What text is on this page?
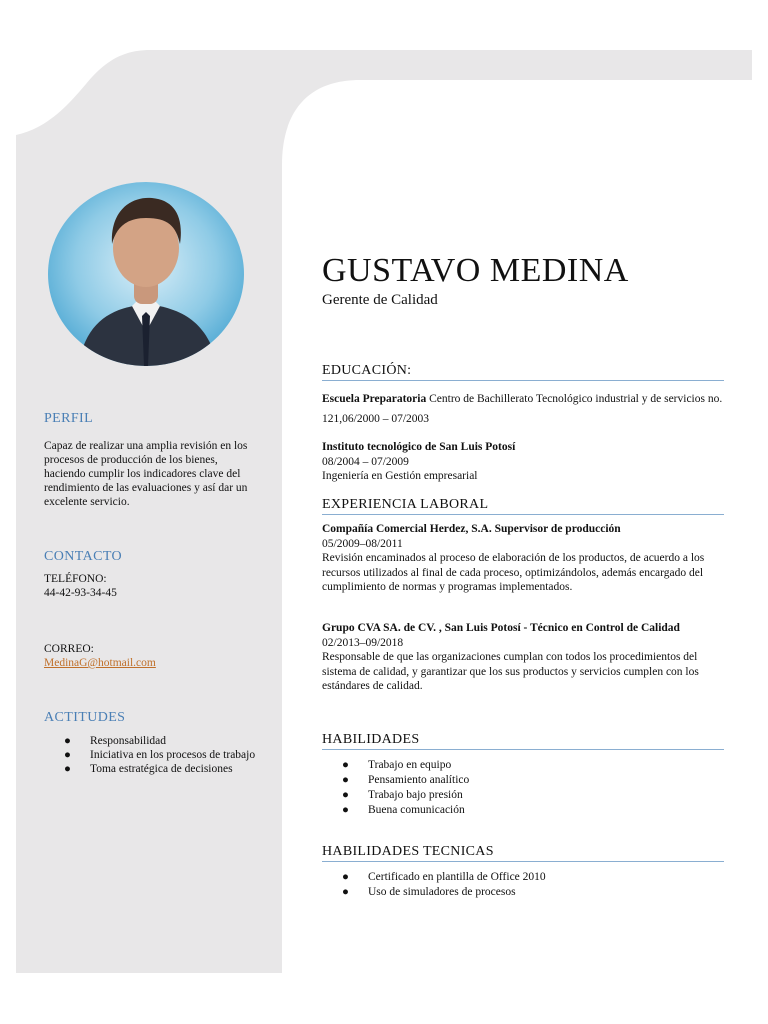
PERFIL
Capaz de realizar una amplia revisión en los procesos de producción de los bienes, haciendo cumplir los indicadores clave del rendimiento de las evaluaciones y así dar un excelente servicio.
CONTACTO
TELÉFONO:
44-42-93-34-45
CORREO:
MedinaG@hotmail.com
ACTITUDES
● Responsabilidad
● Iniciativa en los procesos de trabajo
● Toma estratégica de decisiones
GUSTAVO MEDINA
Gerente de Calidad
EDUCACIÓN:
Escuela Preparatoria Centro de Bachillerato Tecnológico industrial y de servicios no. 121,06/2000 – 07/2003
Instituto tecnológico de San Luis Potosí
08/2004 – 07/2009
Ingeniería en Gestión empresarial
EXPERIENCIA LABORAL
Compañía Comercial Herdez, S.A. Supervisor de producción
05/2009–08/2011
Revisión encaminados al proceso de elaboración de los productos, de acuerdo a los recursos utilizados al final de cada proceso, optimizándolos, además encargado del cumplimiento de normas y programas implementados.
Grupo CVA SA. de CV. , San Luis Potosí - Técnico en Control de Calidad
02/2013–09/2018
Responsable de que las organizaciones cumplan con todos los procedimientos del sistema de calidad, y garantizar que los sus productos y servicios cumplen con los estándares de calidad.
HABILIDADES
● Trabajo en equipo
● Pensamiento analítico
● Trabajo bajo presión
● Buena comunicación
HABILIDADES TECNICAS
● Certificado en plantilla de Office 2010
● Uso de simuladores de procesos
